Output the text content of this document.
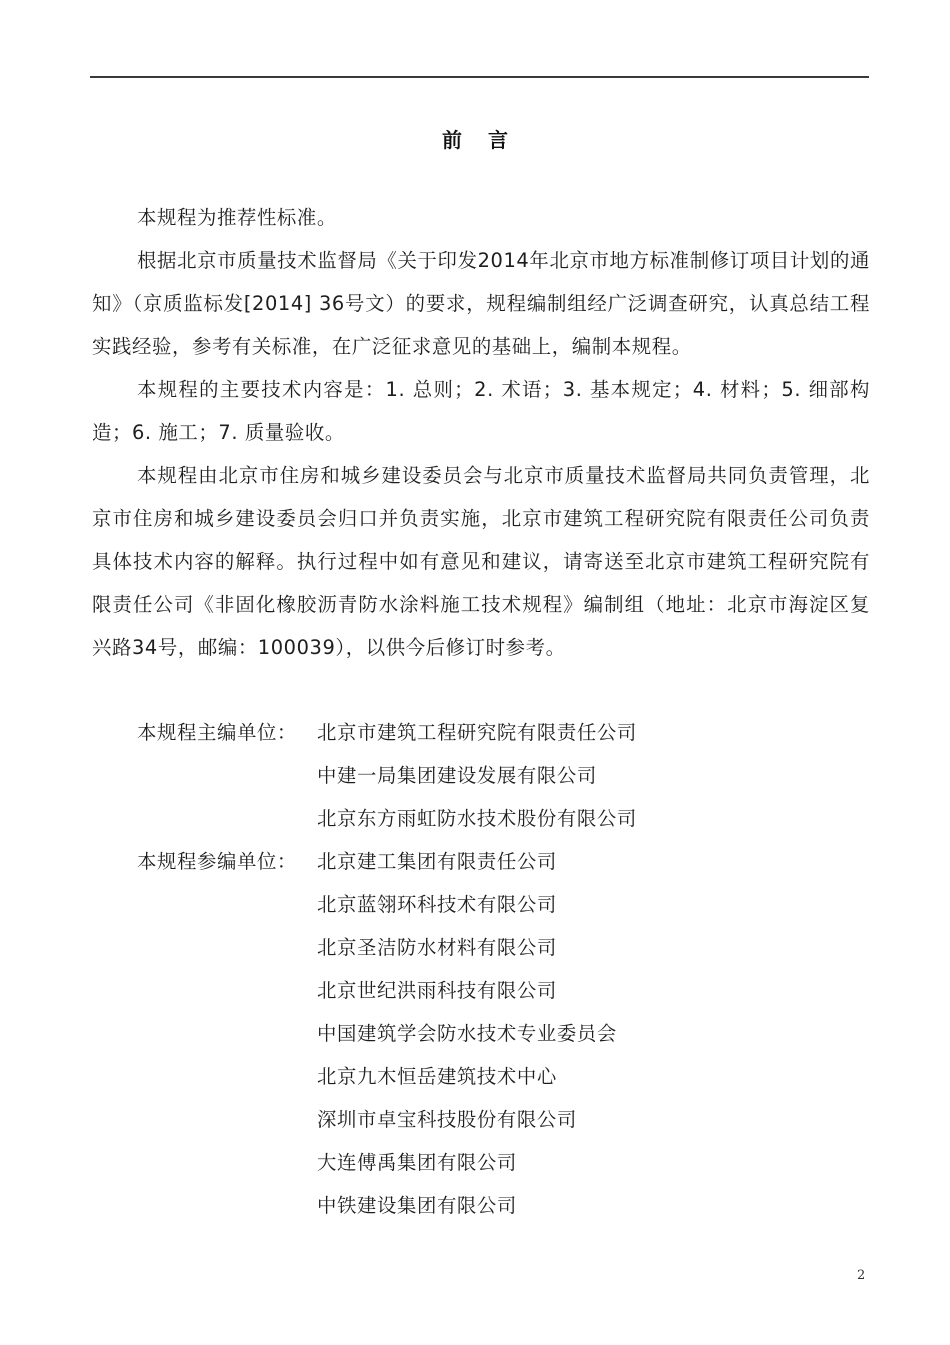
前言

本规程为推荐性标准。

根据北京市质量技术监督局《关于印发2014年北京市地方标准制修订项目计划的通知》（京质监标发[2014] 36号文）的要求，规程编制组经广泛调查研究，认真总结工程实践经验，参考有关标准，在广泛征求意见的基础上，编制本规程。

本规程的主要技术内容是：1. 总则；2. 术语；3. 基本规定；4. 材料；5. 细部构造；6. 施工；7. 质量验收。

本规程由北京市住房和城乡建设委员会与北京市质量技术监督局共同负责管理，北京市住房和城乡建设委员会归口并负责实施，北京市建筑工程研究院有限责任公司负责具体技术内容的解释。执行过程中如有意见和建议，请寄送至北京市建筑工程研究院有限责任公司《非固化橡胶沥青防水涂料施工技术规程》编制组（地址：北京市海淀区复兴路34号，邮编：100039），以供今后修订时参考。

本规程主编单位：	北京市建筑工程研究院有限责任公司
中建一局集团建设发展有限公司
北京东方雨虹防水技术股份有限公司
本规程参编单位：	北京建工集团有限责任公司
北京蓝翎环科技术有限公司
北京圣洁防水材料有限公司
北京世纪洪雨科技有限公司
中国建筑学会防水技术专业委员会
北京九木恒岳建筑技术中心
深圳市卓宝科技股份有限公司
大连傅禹集团有限公司
中铁建设集团有限公司
2
